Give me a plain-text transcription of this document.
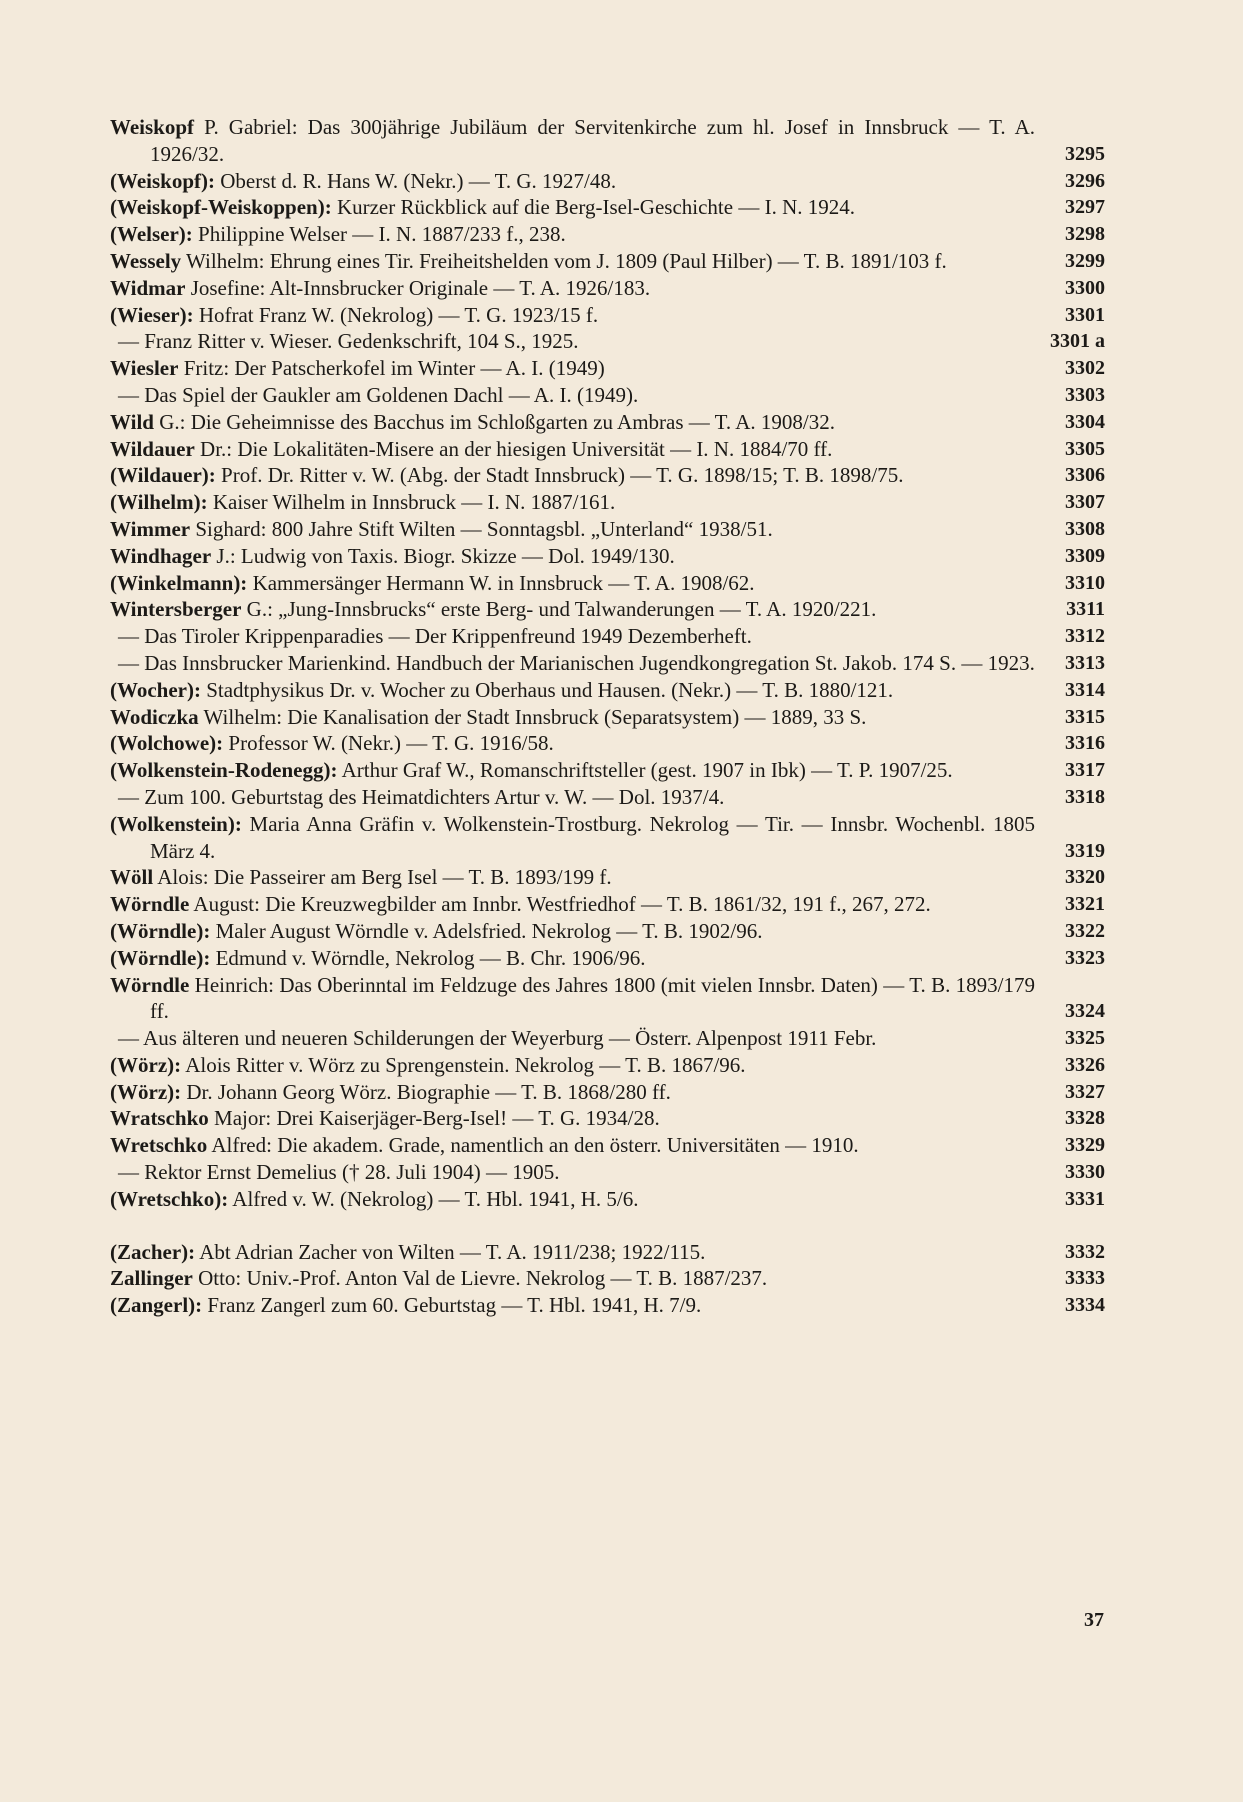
Weiskopf P. Gabriel: Das 300jährige Jubiläum der Servitenkirche zum hl. Josef in Innsbruck — T. A. 1926/32.	3295
(Weiskopf): Oberst d. R. Hans W. (Nekr.) — T. G. 1927/48.	3296
(Weiskopf-Weiskoppen): Kurzer Rückblick auf die Berg-Isel-Geschichte — I. N. 1924.	3297
(Welser): Philippine Welser — I. N. 1887/233 f., 238.	3298
Wessely Wilhelm: Ehrung eines Tir. Freiheitshelden vom J. 1809 (Paul Hilber) — T. B. 1891/103 f.	3299
Widmar Josefine: Alt-Innsbrucker Originale — T. A. 1926/183.	3300
(Wieser): Hofrat Franz W. (Nekrolog) — T. G. 1923/15 f.	3301
— Franz Ritter v. Wieser. Gedenkschrift, 104 S., 1925.	3301 a
Wiesler Fritz: Der Patscherkofel im Winter — A. I. (1949)	3302
— Das Spiel der Gaukler am Goldenen Dachl — A. I. (1949).	3303
Wild G.: Die Geheimnisse des Bacchus im Schloßgarten zu Ambras — T. A. 1908/32.	3304
Wildauer Dr.: Die Lokalitäten-Misere an der hiesigen Universität — I. N. 1884/70 ff.	3305
(Wildauer): Prof. Dr. Ritter v. W. (Abg. der Stadt Innsbruck) — T. G. 1898/15; T. B. 1898/75.	3306
(Wilhelm): Kaiser Wilhelm in Innsbruck — I. N. 1887/161.	3307
Wimmer Sighard: 800 Jahre Stift Wilten — Sonntagsbl. „Unterland“ 1938/51.	3308
Windhager J.: Ludwig von Taxis. Biogr. Skizze — Dol. 1949/130.	3309
(Winkelmann): Kammersänger Hermann W. in Innsbruck — T. A. 1908/62.	3310
Wintersberger G.: „Jung-Innsbrucks“ erste Berg- und Talwanderungen — T. A. 1920/221.	3311
— Das Tiroler Krippenparadies — Der Krippenfreund 1949 Dezemberheft.	3312
— Das Innsbrucker Marienkind. Handbuch der Marianischen Jugendkongregation St. Jakob. 174 S. — 1923. 3313
(Wocher): Stadtphysikus Dr. v. Wocher zu Oberhaus und Hausen. (Nekr.) — T. B. 1880/121.	3314
Wodiczka Wilhelm: Die Kanalisation der Stadt Innsbruck (Separatsystem) — 1889, 33 S.	3315
(Wolchowe): Professor W. (Nekr.) — T. G. 1916/58.	3316
(Wolkenstein-Rodenegg): Arthur Graf W., Romanschriftsteller (gest. 1907 in Ibk) — T. P. 1907/25.	3317
— Zum 100. Geburtstag des Heimatdichters Artur v. W. — Dol. 1937/4.	3318
(Wolkenstein): Maria Anna Gräfin v. Wolkenstein-Trostburg. Nekrolog — Tir. — Innsbr. Wochenbl. 1805 März 4.	3319
Wöll Alois: Die Passeirer am Berg Isel — T. B. 1893/199 f.	3320
Wörndle August: Die Kreuzwegbilder am Innbr. Westfriedhof — T. B. 1861/32, 191 f., 267, 272.	3321
(Wörndle): Maler August Wörndle v. Adelsfried. Nekrolog — T. B. 1902/96.	3322
(Wörndle): Edmund v. Wörndle, Nekrolog — B. Chr. 1906/96.	3323
Wörndle Heinrich: Das Oberinntal im Feldzuge des Jahres 1800 (mit vielen Innsbr. Daten) — T. B. 1893/179 ff.	3324
— Aus älteren und neueren Schilderungen der Weyerburg — Österr. Alpenpost 1911 Febr.	3325
(Wörz): Alois Ritter v. Wörz zu Sprengenstein. Nekrolog — T. B. 1867/96.	3326
(Wörz): Dr. Johann Georg Wörz. Biographie — T. B. 1868/280 ff.	3327
Wratschko Major: Drei Kaiserjäger-Berg-Isel! — T. G. 1934/28.	3328
Wretschko Alfred: Die akadem. Grade, namentlich an den österr. Universitäten — 1910.	3329
— Rektor Ernst Demelius († 28. Juli 1904) — 1905.	3330
(Wretschko): Alfred v. W. (Nekrolog) — T. Hbl. 1941, H. 5/6.	3331
(Zacher): Abt Adrian Zacher von Wilten — T. A. 1911/238; 1922/115.	3332
Zallinger Otto: Univ.-Prof. Anton Val de Lievre. Nekrolog — T. B. 1887/237.	3333
(Zangerl): Franz Zangerl zum 60. Geburtstag — T. Hbl. 1941, H. 7/9.	3334
37
